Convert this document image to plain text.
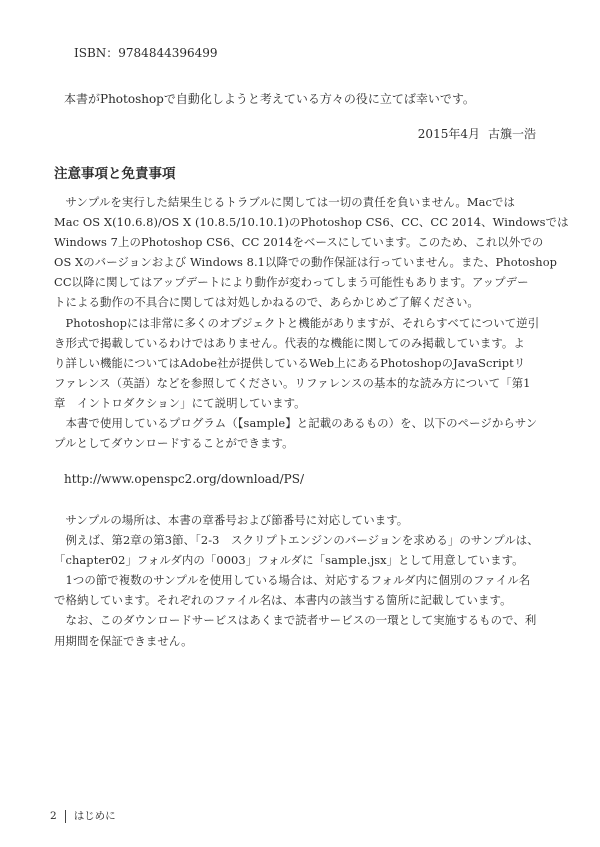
ISBN：9784844396499
本書がPhotoshopで自動化しようと考えている方々の役に立てば幸いです。
2015年4月 古籏一浩
注意事項と免責事項
　サンプルを実行した結果生じるトラブルに関しては一切の責任を負いません。Macでは
Mac OS X(10.6.8)/OS X (10.8.5/10.10.1)のPhotoshop CS6、CC、CC 2014、Windowsでは
Windows 7上のPhotoshop CS6、CC 2014をベースにしています。このため、これ以外での
OS Xのバージョンおよび Windows 8.1以降での動作保証は行っていません。また、Photoshop
CC以降に関してはアップデートにより動作が変わってしまう可能性もあります。アップデー
トによる動作の不具合に関しては対処しかねるので、あらかじめご了解ください。
　Photoshopには非常に多くのオブジェクトと機能がありますが、それらすべてについて逆引
き形式で掲載しているわけではありません。代表的な機能に関してのみ掲載しています。よ
り詳しい機能についてはAdobe社が提供しているWeb上にあるPhotoshopのJavaScriptリ
ファレンス（英語）などを参照してください。リファレンスの基本的な読み方について「第1
章　イントロダクション」にて説明しています。
　本書で使用しているプログラム（【sample】と記載のあるもの）を、以下のページからサン
プルとしてダウンロードすることができます。
http://www.openspc2.org/download/PS/
　サンプルの場所は、本書の章番号および節番号に対応しています。
　例えば、第2章の第3節、「2-3　スクリプトエンジンのバージョンを求める」のサンプルは、
「chapter02」フォルダ内の「0003」フォルダに「sample.jsx」として用意しています。
　1つの節で複数のサンプルを使用している場合は、対応するフォルダ内に個別のファイル名
で格納しています。それぞれのファイル名は、本書内の該当する箇所に記載しています。
　なお、このダウンロードサービスはあくまで読者サービスの一環として実施するもので、利
用期間を保証できません。
2 はじめに
